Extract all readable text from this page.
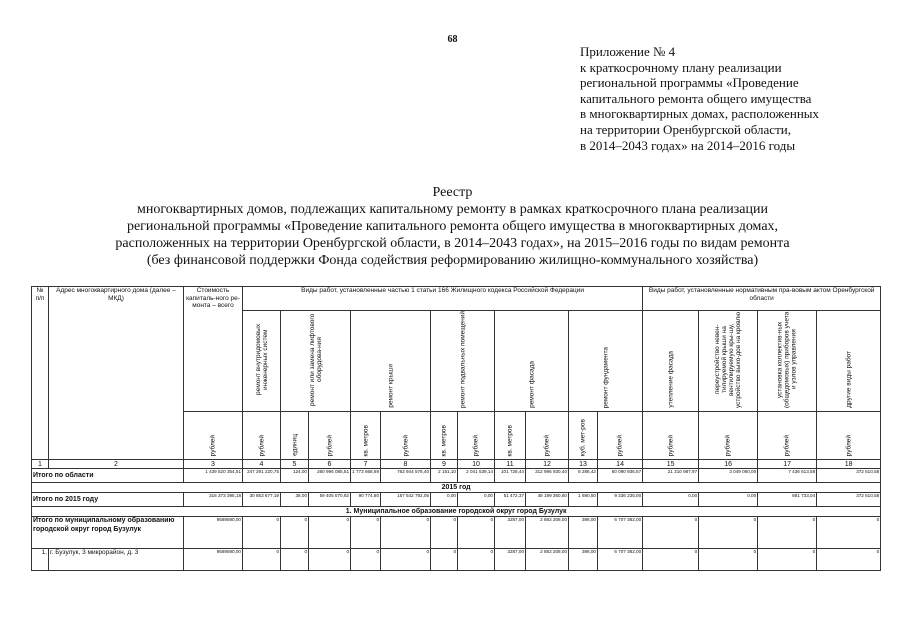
68
Приложение № 4
к краткосрочному плану реализации
региональной программы «Проведение
капитального ремонта общего имущества
в многоквартирных домах, расположенных
на территории Оренбургской области,
в 2014–2043 годах» на 2014–2016 годы
Реестр
многоквартирных домов, подлежащих капитальному ремонту в рамках краткосрочного плана реализации
региональной программы «Проведение капитального ремонта общего имущества в многоквартирных домах,
расположенных на территории Оренбургской области, в 2014–2043 годах», на 2015–2016 годы по видам ремонта
(без финансовой поддержки Фонда содействия реформированию жилищно-коммунального хозяйства)
№ п/п	Адрес многоквартирного дома (далее – МКД)	Стоимость капиталь-ного ре-монта – всего	Виды работ, установленные частью 1 статьи 166 Жилищного кодекса Российской Федерации											Виды работ, установленные нормативным пра-вовым актом Оренбургской области			

			ремонт внутридомовых инженерных систем	ремонт или замена лифтового оборудова-ния		ремонт крыши		ремонт подвальных помещений		ремонт фасада		ремонт фундамента		утепление фасада	переустройство невен-тилируемой крыши на вентилируемую кры-шу, устройство выхо-дов на кровлю	установка коллектив-ных (общедомовых) приборов учета и узлов управления	другие виды работ

		рублей	рублей	единиц	рублей	кв. метров	рублей	кв. метров	рублей	кв. метров	рублей	куб. мет-ров	рублей	рублей	рублей	рублей	рублей

1	2	3	4	5	6	7	8	9	10	11	12	13	14	15	16	17	18
Итого по области		1 439 520 354,51	247 291 220,75	124,00	260 996 085,51	1 773 668,69	763 944 578,40	2 151,10	2 041 539,14	101 728,44	312 996 930,40	6 286,42	60 090 936,57	21 310 987,97	3 049 060,00	7 436 613,58	372 510,58
2015 год																	
Итого по 2015 году		316 373 395,18	30 853 677,19	38,00	59 405 070,92	90 774,80	157 542 792,05	0,00	0,00	51 472,37	48 199 360,60	1 690,50	9 336 235,00	0,00	0,00	881 733,04	372 510,58
1. Муниципальное образование городской округ город Бузулук																	
Итого по муниципальному образованию городской округ город Бузулук		9589590,00	0	0	0	0	0	0	0	3287,00	2 882 208,00	398,00	6 707 382,00	0	0	0	0
1.	г. Бузулук, 3 микрорайон, д. 3	9589590,00	0	0	0	0	0	0	0	3287,00	2 882 208,00	398,00	6 707 382,00	0	0	0	0
